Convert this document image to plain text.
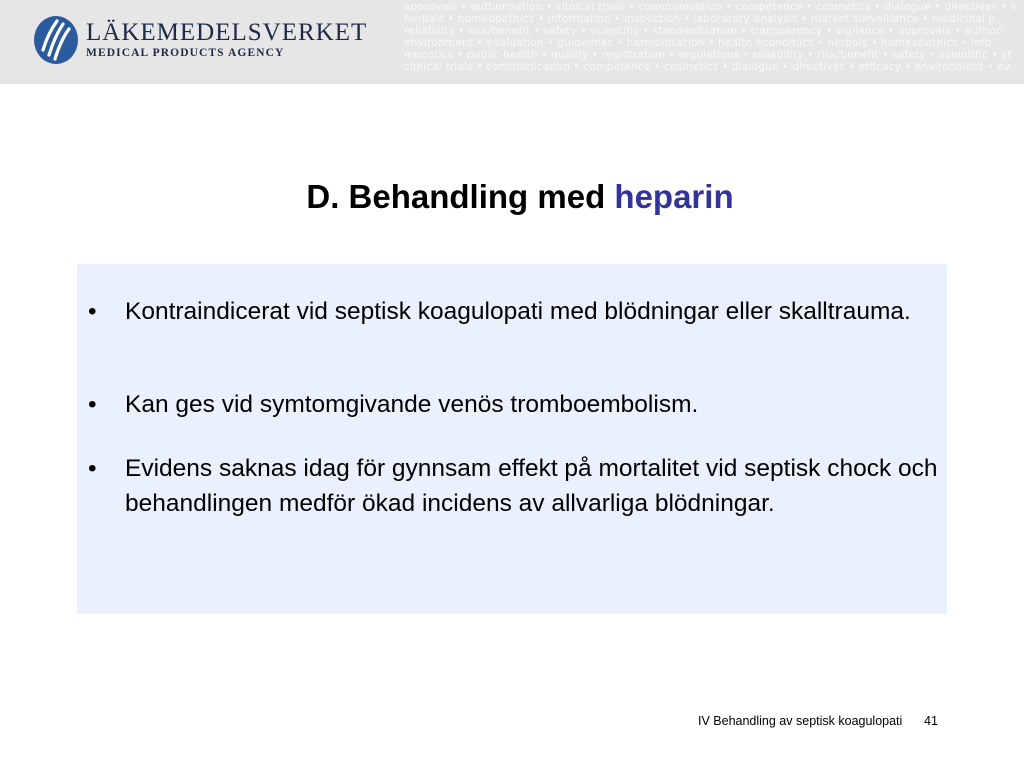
LÄKEMEDELSVERKET
MEDICAL PRODUCTS AGENCY
approvals • authorisation • clinical trials • communication • competence • cosmetics • dialogue • directives • e
herbals • homeopathics • information • inspection • laboratory analysis • market surveillance • medicinal p
reliability • risk/benefit • safety • scientific • standardisation • transparency • vigilance • approvals • authori
environment • evaluation • guidelines • harmonisation • health economics • herbals • homeopathics • info
narcotics • public health • quality • registration • regulations • reliability • risk/benefit • safety • scientific • st
clinical trials • communication • competence • cosmetics • dialogue • directives • efficacy • environment • ev
D. Behandling med heparin
• Kontraindicerat vid septisk koagulopati med blödningar eller skalltrauma.
• Kan ges vid symtomgivande venös tromboembolism.
• Evidens saknas idag för gynnsam effekt på mortalitet vid septisk chock och behandlingen medför ökad incidens av allvarliga blödningar.
IV Behandling av septisk koagulopati 41
